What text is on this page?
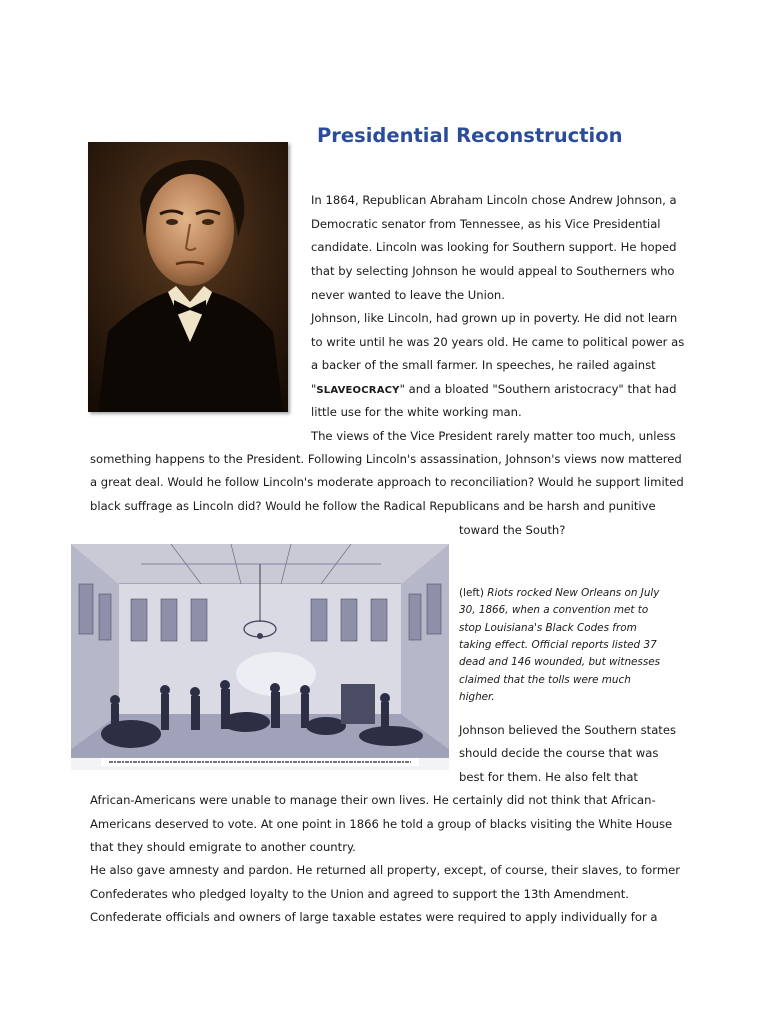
Presidential Reconstruction
In 1864, Republican Abraham Lincoln chose Andrew Johnson, a
Democratic senator from Tennessee, as his Vice Presidential
candidate. Lincoln was looking for Southern support. He hoped
that by selecting Johnson he would appeal to Southerners who
never wanted to leave the Union.
Johnson, like Lincoln, had grown up in poverty. He did not learn
to write until he was 20 years old. He came to political power as
a backer of the small farmer. In speeches, he railed against
"SLAVEOCRACY" and a bloated "Southern aristocracy" that had
little use for the white working man.
The views of the Vice President rarely matter too much, unless
something happens to the President. Following Lincoln's assassination, Johnson's views now mattered
a great deal. Would he follow Lincoln's moderate approach to reconciliation? Would he support limited
black suffrage as Lincoln did? Would he follow the Radical Republicans and be harsh and punitive
toward the South?
(left) Riots rocked New Orleans on July
30, 1866, when a convention met to
stop Louisiana's Black Codes from
taking effect. Official reports listed 37
dead and 146 wounded, but witnesses
claimed that the tolls were much
higher.
Johnson believed the Southern states
should decide the course that was
best for them. He also felt that
African-Americans were unable to manage their own lives. He certainly did not think that African-
Americans deserved to vote. At one point in 1866 he told a group of blacks visiting the White House
that they should emigrate to another country.
He also gave amnesty and pardon. He returned all property, except, of course, their slaves, to former
Confederates who pledged loyalty to the Union and agreed to support the 13th Amendment.
Confederate officials and owners of large taxable estates were required to apply individually for a
